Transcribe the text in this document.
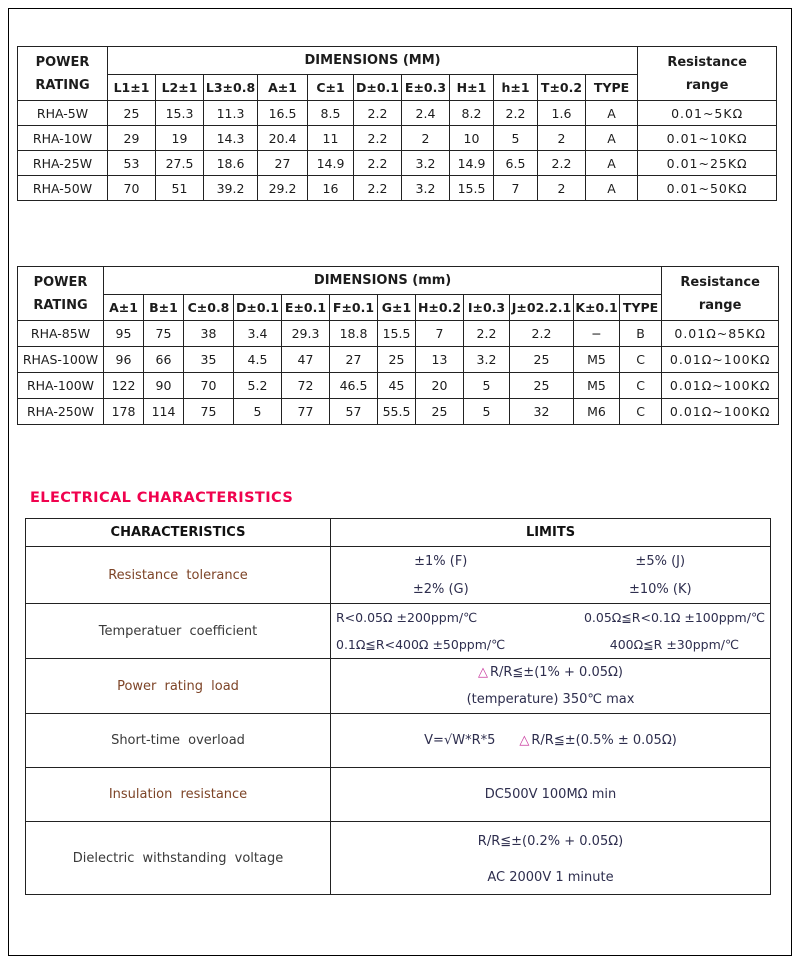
POWER
RATING	DIMENSIONS (MM)											Resistance
range

	L1±1	L2±1	L3±0.8	A±1	C±1	D±0.1	E±0.3	H±1	h±1	T±0.2	TYPE	
RHA-5W	25	15.3	11.3	16.5	8.5	2.2	2.4	8.2	2.2	1.6	A	0.01~5KΩ
RHA-10W	29	19	14.3	20.4	11	2.2	2	10	5	2	A	0.01~10KΩ
RHA-25W	53	27.5	18.6	27	14.9	2.2	3.2	14.9	6.5	2.2	A	0.01~25KΩ
RHA-50W	70	51	39.2	29.2	16	2.2	3.2	15.5	7	2	A	0.01~50KΩ
POWER
RATING	DIMENSIONS (mm)												Resistance
range

	A±1	B±1	C±0.8	D±0.1	E±0.1	F±0.1	G±1	H±0.2	I±0.3	J±02.2.1	K±0.1	TYPE	
RHA-85W	95	75	38	3.4	29.3	18.8	15.5	7	2.2	2.2	−	B	0.01Ω~85KΩ
RHAS-100W	96	66	35	4.5	47	27	25	13	3.2	25	M5	C	0.01Ω~100KΩ
RHA-100W	122	90	70	5.2	72	46.5	45	20	5	25	M5	C	0.01Ω~100KΩ
RHA-250W	178	114	75	5	77	57	55.5	25	5	32	M6	C	0.01Ω~100KΩ
ELECTRICAL CHARACTERISTICS
CHARACTERISTICS	LIMITS
Resistance tolerance	±1% (F) ±5% (J)
±2% (G) ±10% (K)

Temperatuer coefficient	R<0.05Ω ±200ppm/℃ 0.05Ω≦R<0.1Ω ±100ppm/℃
0.1Ω≦R<400Ω ±50ppm/℃ 400Ω≦R ±30ppm/℃

Power rating load	△ R/R≦±(1% + 0.05Ω)
(temperature) 350℃ max

Short-time overload	V=√W*R*5 △ R/R≦±(0.5% ± 0.05Ω)

Insulation resistance	DC500V 100MΩ min

Dielectric withstanding voltage	R/R≦±(0.2% + 0.05Ω)
AC 2000V 1 minute
